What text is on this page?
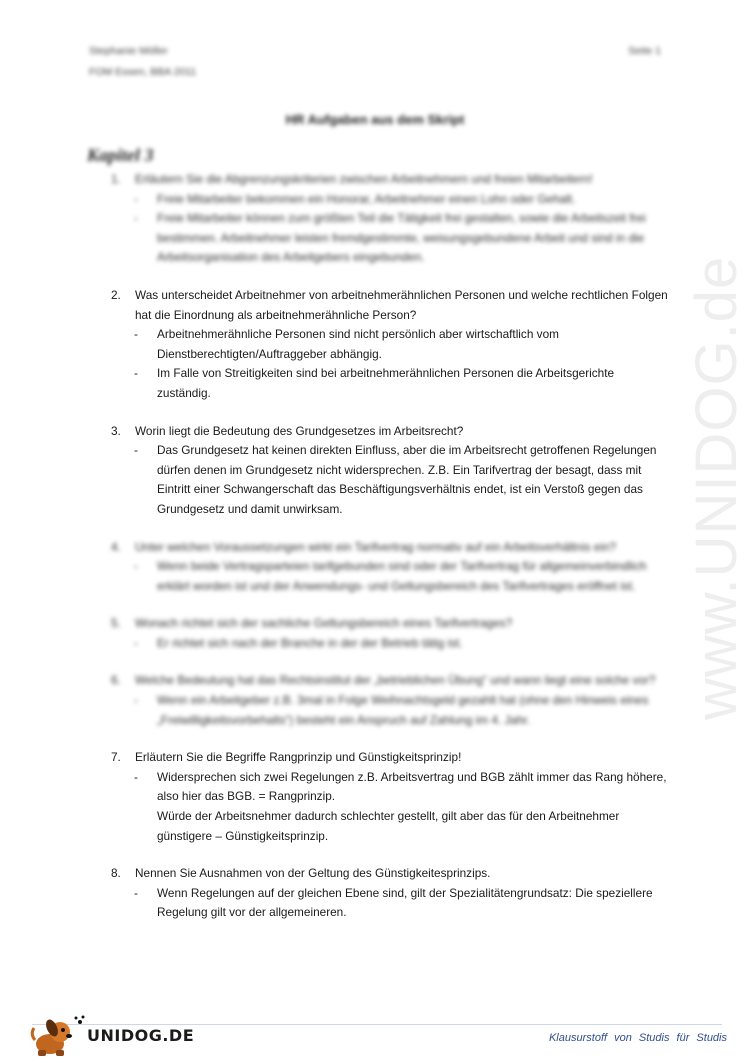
Stephanie Möller
FOM Essen, BBA 2011
Seite 1
HR Aufgaben aus dem Skript
Kapitel 3
www.UNIDOG.de
1.	Erläutern Sie die Abgrenzungskriterien zwischen Arbeitnehmern und freien Mitarbeitern!
- Freie Mitarbeiter bekommen ein Honorar, Arbeitnehmer einen Lohn oder Gehalt.

- Freie Mitarbeiter können zum größten Teil die Tätigkeit frei gestalten, sowie die Arbeitszeit frei bestimmen. Arbeitnehmer leisten fremdgestimmte, weisungsgebundene Arbeit und sind in die Arbeitsorganisation des Arbeitgebers eingebunden.

2.	Was unterscheidet Arbeitnehmer von arbeitnehmerähnlichen Personen und welche rechtlichen Folgen hat die Einordnung als arbeitnehmerähnliche Person?
- Arbeitnehmerähnliche Personen sind nicht persönlich aber wirtschaftlich vom Dienstberechtigten/Auftraggeber abhängig.

- Im Falle von Streitigkeiten sind bei arbeitnehmerähnlichen Personen die Arbeitsgerichte zuständig.

3.	Worin liegt die Bedeutung des Grundgesetzes im Arbeitsrecht?
- Das Grundgesetz hat keinen direkten Einfluss, aber die im Arbeitsrecht getroffenen Regelungen dürfen denen im Grundgesetz nicht widersprechen. Z.B. Ein Tarifvertrag der besagt, dass mit Eintritt einer Schwangerschaft das Beschäftigungsverhältnis endet, ist ein Verstoß gegen das Grundgesetz und damit unwirksam.

4.	Unter welchen Voraussetzungen wirkt ein Tarifvertrag normativ auf ein Arbeitsverhältnis ein?
- Wenn beide Vertragsparteien tarifgebunden sind oder der Tarifvertrag für allgemeinverbindlich erklärt worden ist und der Anwendungs- und Geltungsbereich des Tarifvertrages eröffnet ist.

5.	Wonach richtet sich der sachliche Geltungsbereich eines Tarifvertrages?
- Er richtet sich nach der Branche in der der Betrieb tätig ist.

6.	Welche Bedeutung hat das Rechtsinstitut der „betrieblichen Übung“ und wann liegt eine solche vor?
- Wenn ein Arbeitgeber z.B. 3mal in Folge Weihnachtsgeld gezahlt hat (ohne den Hinweis eines „Freiwilligkeitsvorbehalts“) besteht ein Anspruch auf Zahlung im 4. Jahr.

7.	Erläutern Sie die Begriffe Rangprinzip und Günstigkeitsprinzip!
- Widersprechen sich zwei Regelungen z.B. Arbeitsvertrag und BGB zählt immer das Rang höhere, also hier das BGB. = Rangprinzip.

Würde der Arbeitsnehmer dadurch schlechter gestellt, gilt aber das für den Arbeitnehmer günstigere – Günstigkeitsprinzip.

8.	Nennen Sie Ausnahmen von der Geltung des Günstigkeitesprinzips.
- Wenn Regelungen auf der gleichen Ebene sind, gilt der Spezialitätengrundsatz: Die speziellere Regelung gilt vor der allgemeineren.

UNIDOG.DE	Klausurstoff von Studis für Studis
